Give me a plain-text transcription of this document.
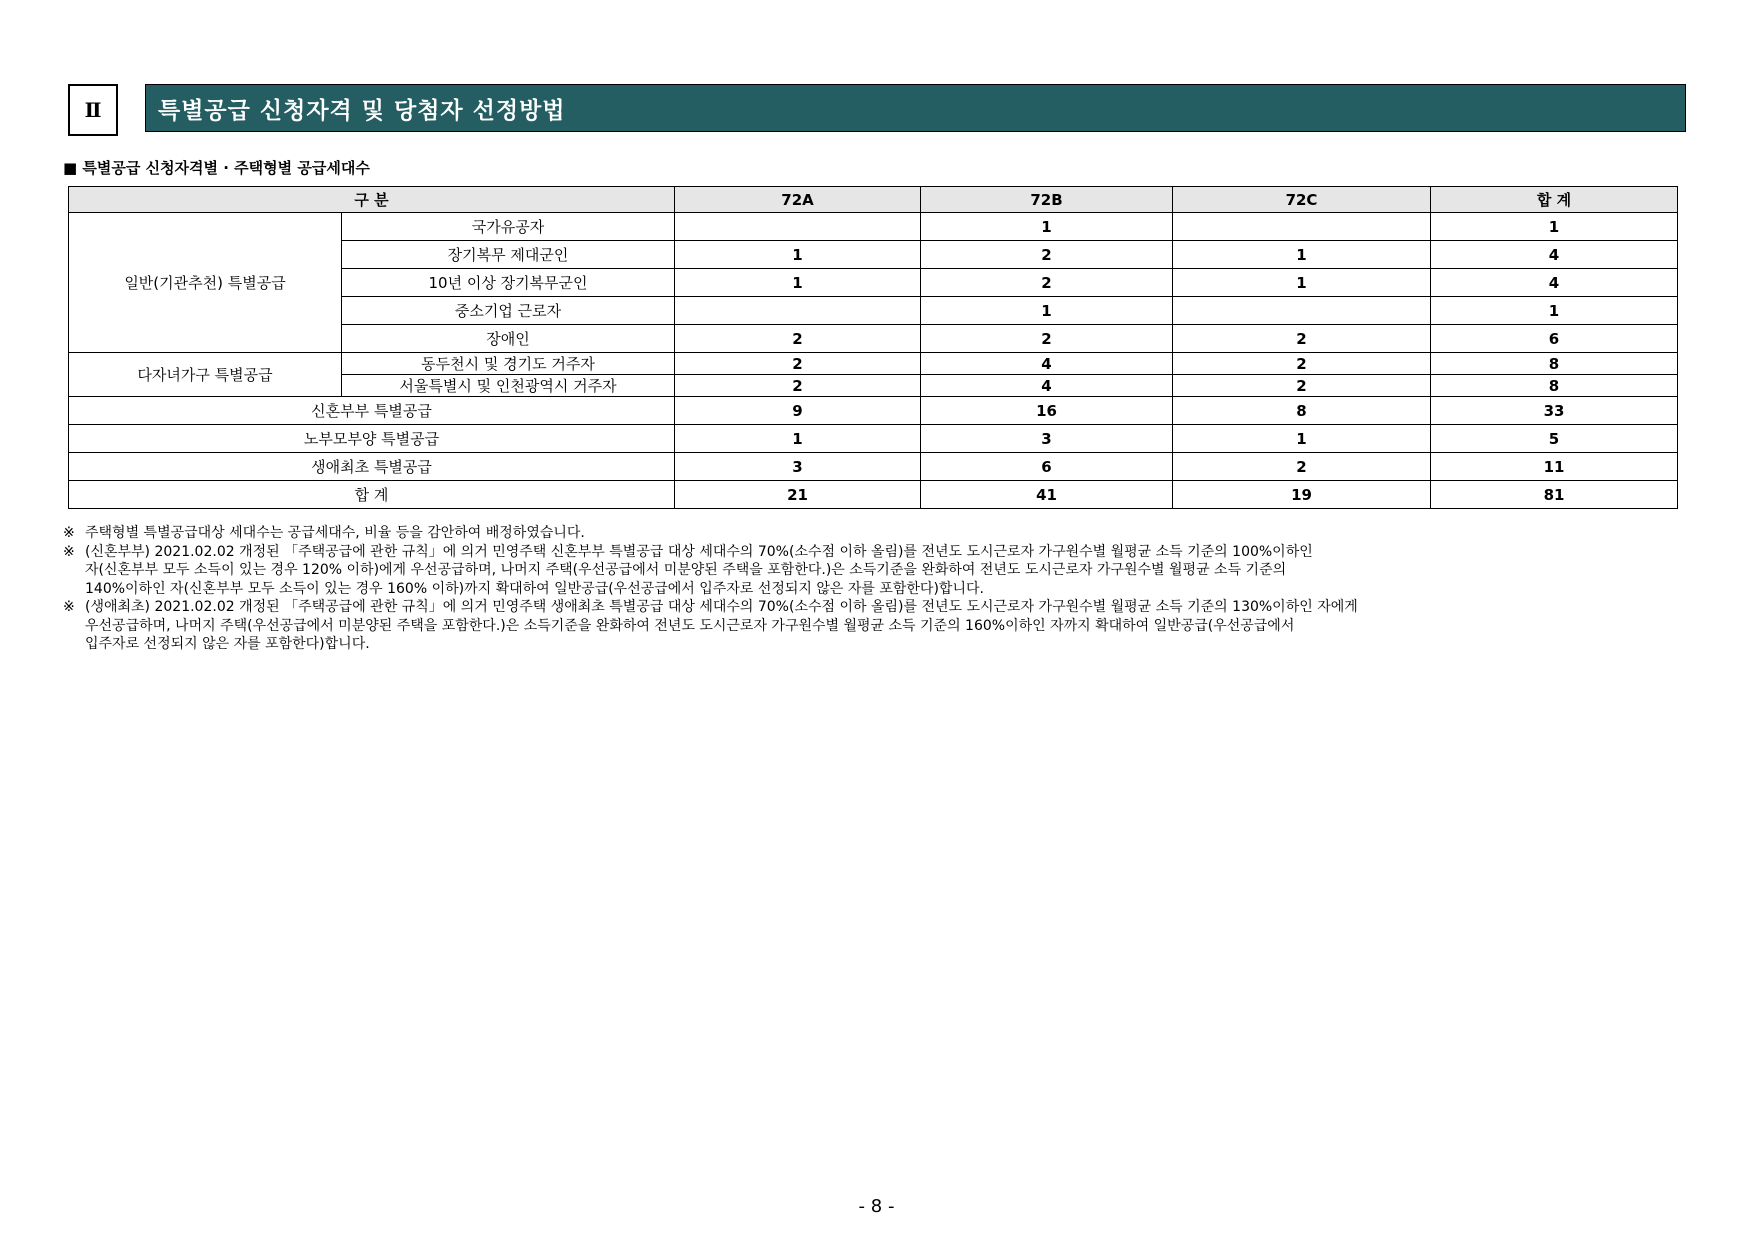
Ⅱ	특별공급 신청자격 및 당첨자 선정방법
■ 특별공급 신청자격별 · 주택형별 공급세대수
구 분		72A	72B	72C	합 계
일반(기관추천) 특별공급	국가유공자		1		1
	장기복무 제대군인	1	2	1	4
	10년 이상 장기복무군인	1	2	1	4
	중소기업 근로자		1		1
	장애인	2	2	2	6
다자녀가구 특별공급	동두천시 및 경기도 거주자	2	4	2	8
	서울특별시 및 인천광역시 거주자	2	4	2	8
신혼부부 특별공급		9	16	8	33
노부모부양 특별공급		1	3	1	5
생애최초 특별공급		3	6	2	11
합 계		21	41	19	81
※ 주택형별 특별공급대상 세대수는 공급세대수, 비율 등을 감안하여 배정하였습니다.
※ (신혼부부) 2021.02.02 개정된 「주택공급에 관한 규칙」에 의거 민영주택 신혼부부 특별공급 대상 세대수의 70%(소수점 이하 올림)를 전년도 도시근로자 가구원수별 월평균 소득 기준의 100%이하인
자(신혼부부 모두 소득이 있는 경우 120% 이하)에게 우선공급하며, 나머지 주택(우선공급에서 미분양된 주택을 포함한다.)은 소득기준을 완화하여 전년도 도시근로자 가구원수별 월평균 소득 기준의
140%이하인 자(신혼부부 모두 소득이 있는 경우 160% 이하)까지 확대하여 일반공급(우선공급에서 입주자로 선정되지 않은 자를 포함한다)합니다.
※ (생애최초) 2021.02.02 개정된 「주택공급에 관한 규칙」에 의거 민영주택 생애최초 특별공급 대상 세대수의 70%(소수점 이하 올림)를 전년도 도시근로자 가구원수별 월평균 소득 기준의 130%이하인 자에게
우선공급하며, 나머지 주택(우선공급에서 미분양된 주택을 포함한다.)은 소득기준을 완화하여 전년도 도시근로자 가구원수별 월평균 소득 기준의 160%이하인 자까지 확대하여 일반공급(우선공급에서
입주자로 선정되지 않은 자를 포함한다)합니다.
- 8 -
